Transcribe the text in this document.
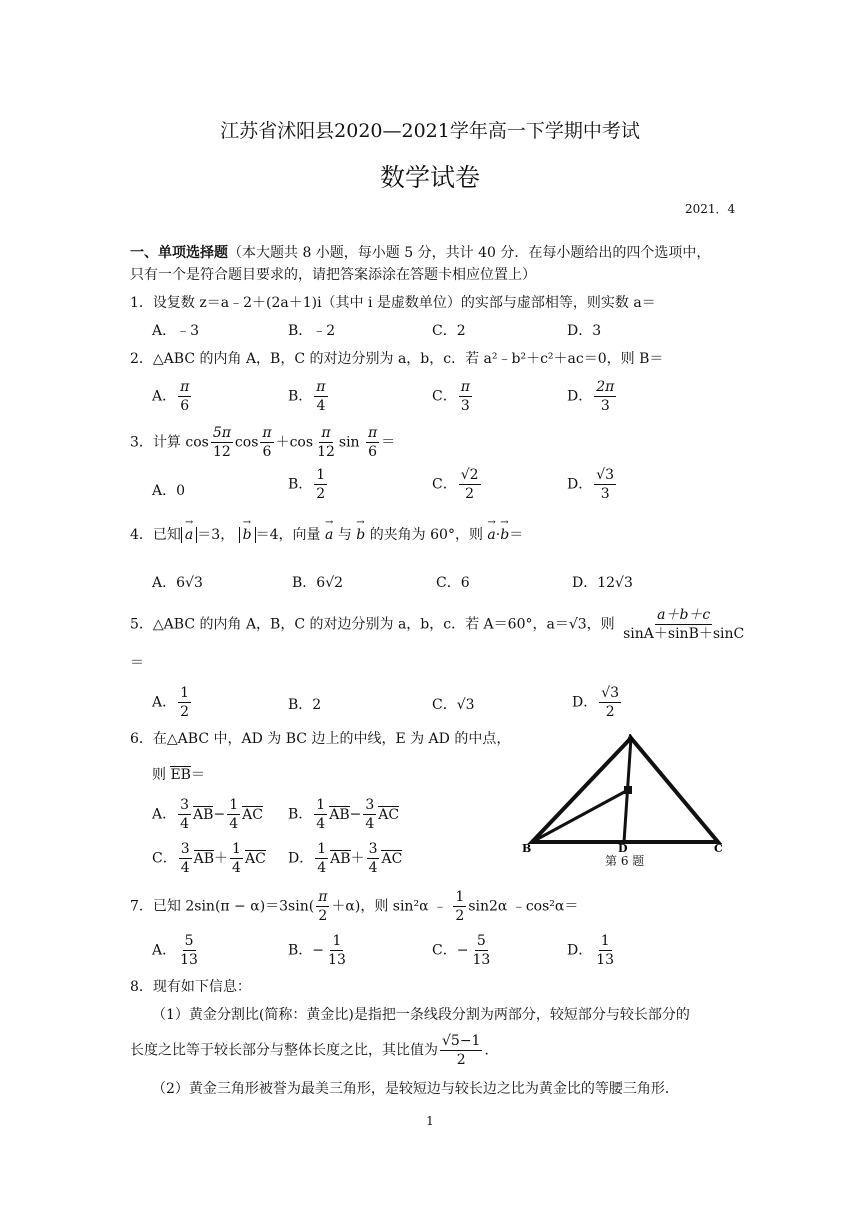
江苏省沭阳县2020—2021学年高一下学期中考试
数学试卷
2021．4
一、单项选择题（本大题共 8 小题，每小题 5 分，共计 40 分．在每小题给出的四个选项中，
只有一个是符合题目要求的，请把答案添涂在答题卡相应位置上）
1．设复数 z＝a﹣2＋(2a＋1)i（其中 i 是虚数单位）的实部与虚部相等，则实数 a＝
A．﹣3	B．﹣2	C．2	D．3
2．△ABC 的内角 A，B，C 的对边分别为 a，b，c．若 a²﹣b²＋c²＋ac＝0，则 B＝
A． $\frac{\pi}{6}$	B． $\frac{\pi}{4}$	C． $\frac{\pi}{3}$	D． $\frac{2\pi}{3}$
3．计算 $\cos \frac{5\pi}{12}$ $\cos \frac{\pi}{6} +\cos \frac{\pi}{12}$ $\sin \frac{\pi}{6}$ ＝
A．0	B． $\frac{1}{2}$	C． $\frac{√2}{2}$	D． $\frac{√3}{3}$
4．已知 → a ＝3， → b ＝4，向量 → a 与 → b 的夹角为 60°，则 → a·→ b＝
A．6√3	B．6√2	C．6	D．12√3
5．△ABC 的内角 A，B，C 的对边分别为 a，b，c．若 A＝60°，a＝√3，则 $\frac{a+b+c}{\sin A+\sin B+\sin C}$
＝
A． $\frac{1}{2}$	B．2	C．√3	D． $\frac{√3}{2}$
6．在△ABC 中，AD 为 BC 边上的中线，E 为 AD 的中点，
则 EB＝
A． $\frac{3}{4} AB- \frac{1}{4}$ AC B． $\frac{1}{4} AB- \frac{3}{4}$ AC
C． $\frac{3}{4} AB+ \frac{1}{4}$ AC D． $\frac{1}{4} AB+ \frac{3}{4}$ AC
A
B	D	C
第 6 题
7．已知 $2\sin(\pi - \alpha)=3\sin( \frac{\pi}{2} +\alpha)$，则 sin²α ﹣ $\frac{1}{2} \sin 2\alpha$ ﹣cos²α＝
A． $\frac{5}{13}$	B．− $\frac{1}{13}$	C．− $\frac{5}{13}$	D． $\frac{1}{13}$
8．现有如下信息：
（1）黄金分割比(简称：黄金比)是指把一条线段分割为两部分，较短部分与较长部分的
长度之比等于较长部分与整体长度之比，其比值为 $\frac{√5-1}{2}$ ．
（2）黄金三角形被誉为最美三角形，是较短边与较长边之比为黄金比的等腰三角形．
1
